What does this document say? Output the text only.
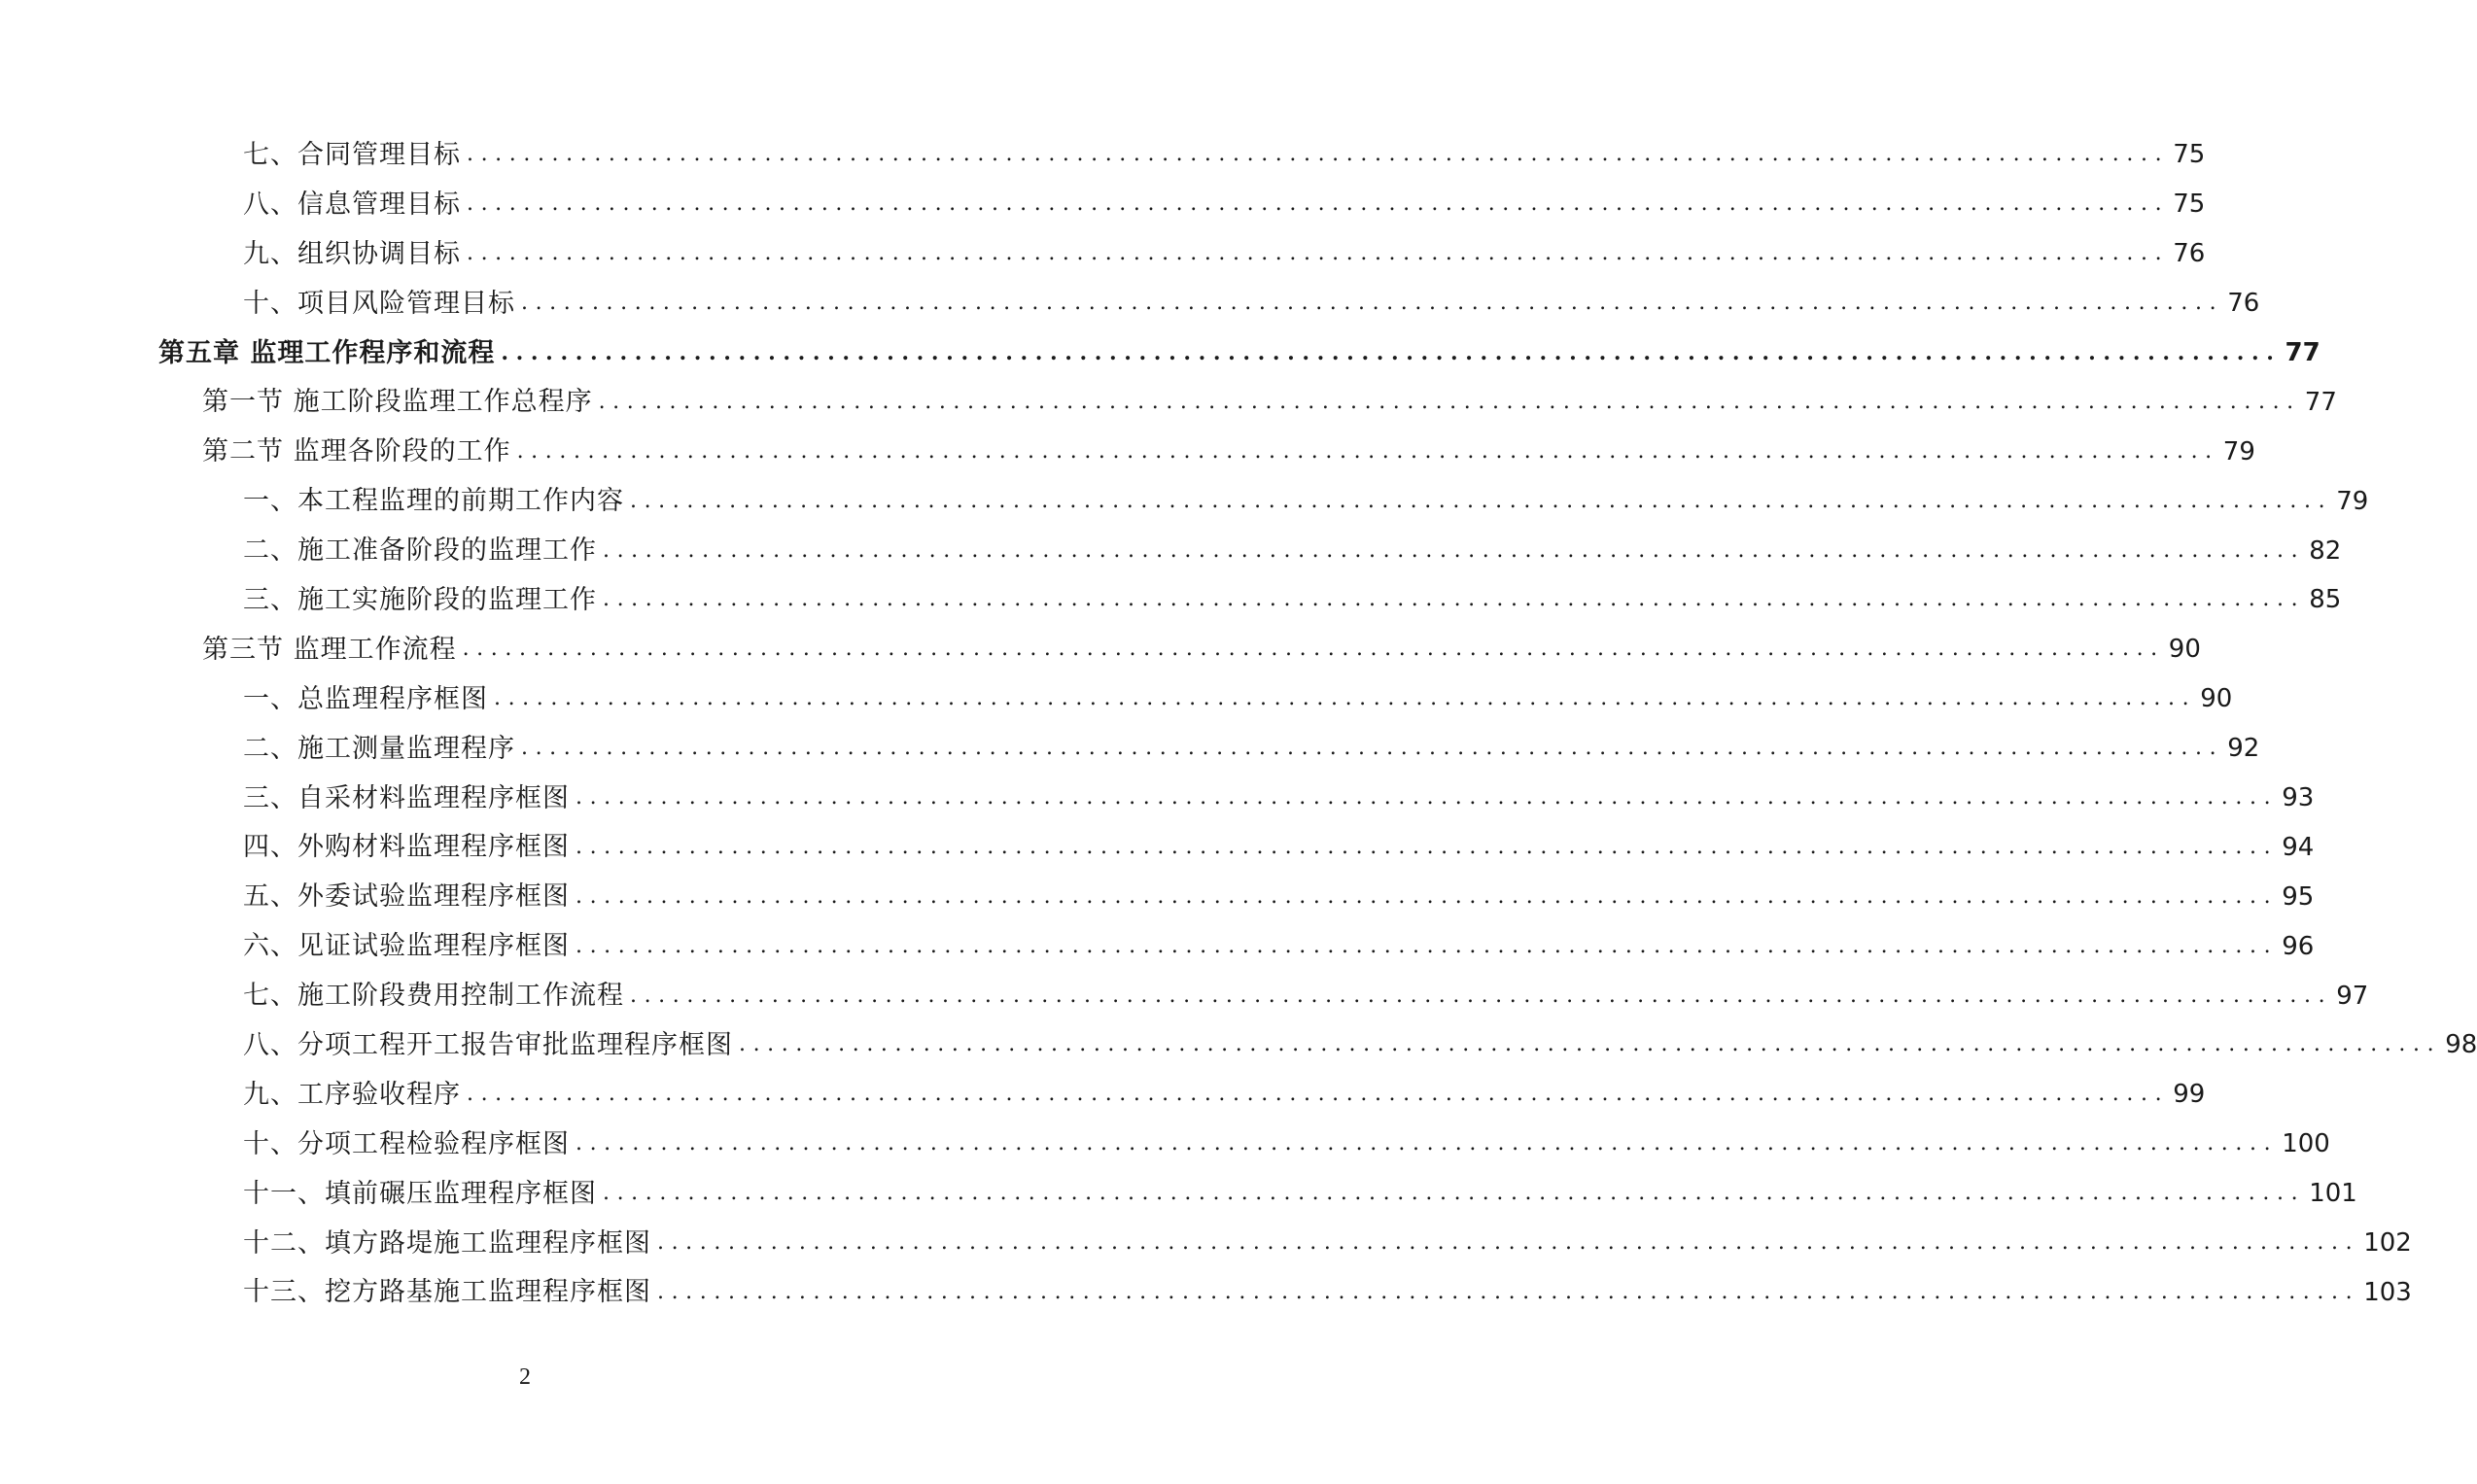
七、合同管理目标 ........................................................................................................................ 75
八、信息管理目标 ........................................................................................................................ 75
九、组织协调目标 ........................................................................................................................ 76
十、项目风险管理目标 ........................................................................................................................ 76
第五章 监理工作程序和流程 ........................................................................................................................ 77
第一节 施工阶段监理工作总程序 ........................................................................................................................ 77
第二节 监理各阶段的工作 ........................................................................................................................ 79
一、本工程监理的前期工作内容 ........................................................................................................................ 79
二、施工准备阶段的监理工作 ........................................................................................................................ 82
三、施工实施阶段的监理工作 ........................................................................................................................ 85
第三节 监理工作流程 ........................................................................................................................ 90
一、总监理程序框图 ........................................................................................................................ 90
二、施工测量监理程序 ........................................................................................................................ 92
三、自采材料监理程序框图 ........................................................................................................................ 93
四、外购材料监理程序框图 ........................................................................................................................ 94
五、外委试验监理程序框图 ........................................................................................................................ 95
六、见证试验监理程序框图 ........................................................................................................................ 96
七、施工阶段费用控制工作流程 ........................................................................................................................ 97
八、分项工程开工报告审批监理程序框图 ........................................................................................................................ 98
九、工序验收程序 ........................................................................................................................ 99
十、分项工程检验程序框图 ........................................................................................................................ 100
十一、填前碾压监理程序框图 ........................................................................................................................ 101
十二、填方路堤施工监理程序框图 ........................................................................................................................ 102
十三、挖方路基施工监理程序框图 ........................................................................................................................ 103
2
